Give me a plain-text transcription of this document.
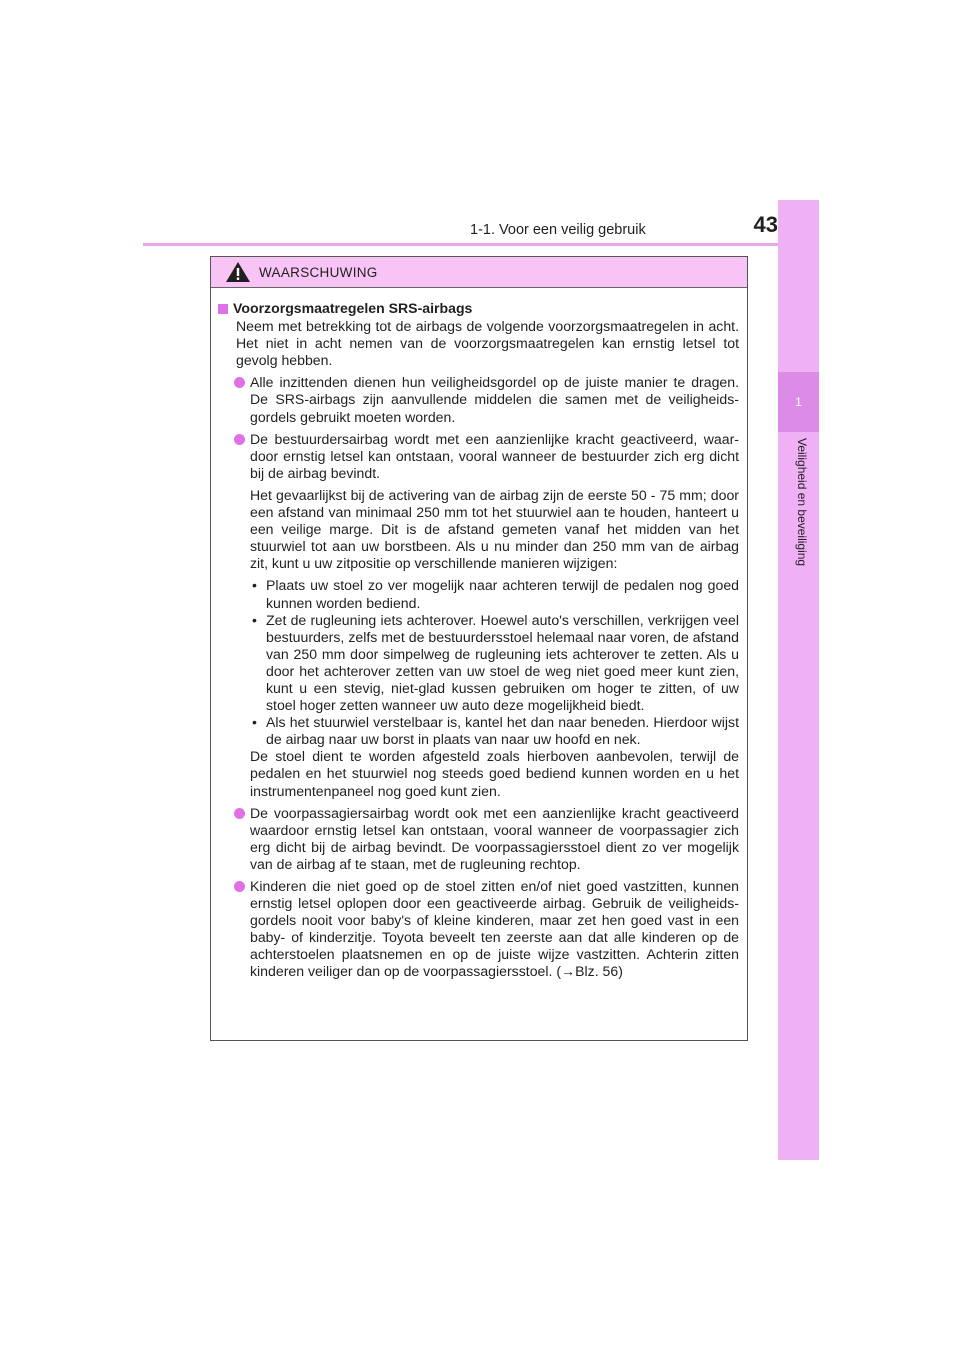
1-1. Voor een veilig gebruik	43
1
Veiligheid en beveiliging
WAARSCHUWING
Voorzorgsmaatregelen SRS-airbags
Neem met betrekking tot de airbags de volgende voorzorgsmaatregelen in acht. Het niet in acht nemen van de voorzorgsmaatregelen kan ernstig letsel tot gevolg hebben.
Alle inzittenden dienen hun veiligheidsgordel op de juiste manier te dragen. De SRS-airbags zijn aanvullende middelen die samen met de veiligheids-gordels gebruikt moeten worden.
De bestuurdersairbag wordt met een aanzienlijke kracht geactiveerd, waar-door ernstig letsel kan ontstaan, vooral wanneer de bestuurder zich erg dicht bij de airbag bevindt.
Het gevaarlijkst bij de activering van de airbag zijn de eerste 50 - 75 mm; door een afstand van minimaal 250 mm tot het stuurwiel aan te houden, hanteert u een veilige marge. Dit is de afstand gemeten vanaf het midden van het stuurwiel tot aan uw borstbeen. Als u nu minder dan 250 mm van de airbag zit, kunt u uw zitpositie op verschillende manieren wijzigen:
• Plaats uw stoel zo ver mogelijk naar achteren terwijl de pedalen nog goed kunnen worden bediend.
• Zet de rugleuning iets achterover. Hoewel auto's verschillen, verkrijgen veel bestuurders, zelfs met de bestuurdersstoel helemaal naar voren, de afstand van 250 mm door simpelweg de rugleuning iets achterover te zetten. Als u door het achterover zetten van uw stoel de weg niet goed meer kunt zien, kunt u een stevig, niet-glad kussen gebruiken om hoger te zitten, of uw stoel hoger zetten wanneer uw auto deze mogelijkheid biedt.
• Als het stuurwiel verstelbaar is, kantel het dan naar beneden. Hierdoor wijst de airbag naar uw borst in plaats van naar uw hoofd en nek.
De stoel dient te worden afgesteld zoals hierboven aanbevolen, terwijl de pedalen en het stuurwiel nog steeds goed bediend kunnen worden en u het instrumentenpaneel nog goed kunt zien.
De voorpassagiersairbag wordt ook met een aanzienlijke kracht geactiveerd waardoor ernstig letsel kan ontstaan, vooral wanneer de voorpassagier zich erg dicht bij de airbag bevindt. De voorpassagiersstoel dient zo ver mogelijk van de airbag af te staan, met de rugleuning rechtop.
Kinderen die niet goed op de stoel zitten en/of niet goed vastzitten, kunnen ernstig letsel oplopen door een geactiveerde airbag. Gebruik de veiligheids-gordels nooit voor baby's of kleine kinderen, maar zet hen goed vast in een baby- of kinderzitje. Toyota beveelt ten zeerste aan dat alle kinderen op de achterstoelen plaatsnemen en op de juiste wijze vastzitten. Achterin zitten kinderen veiliger dan op de voorpassagiersstoel. (→Blz. 56)
